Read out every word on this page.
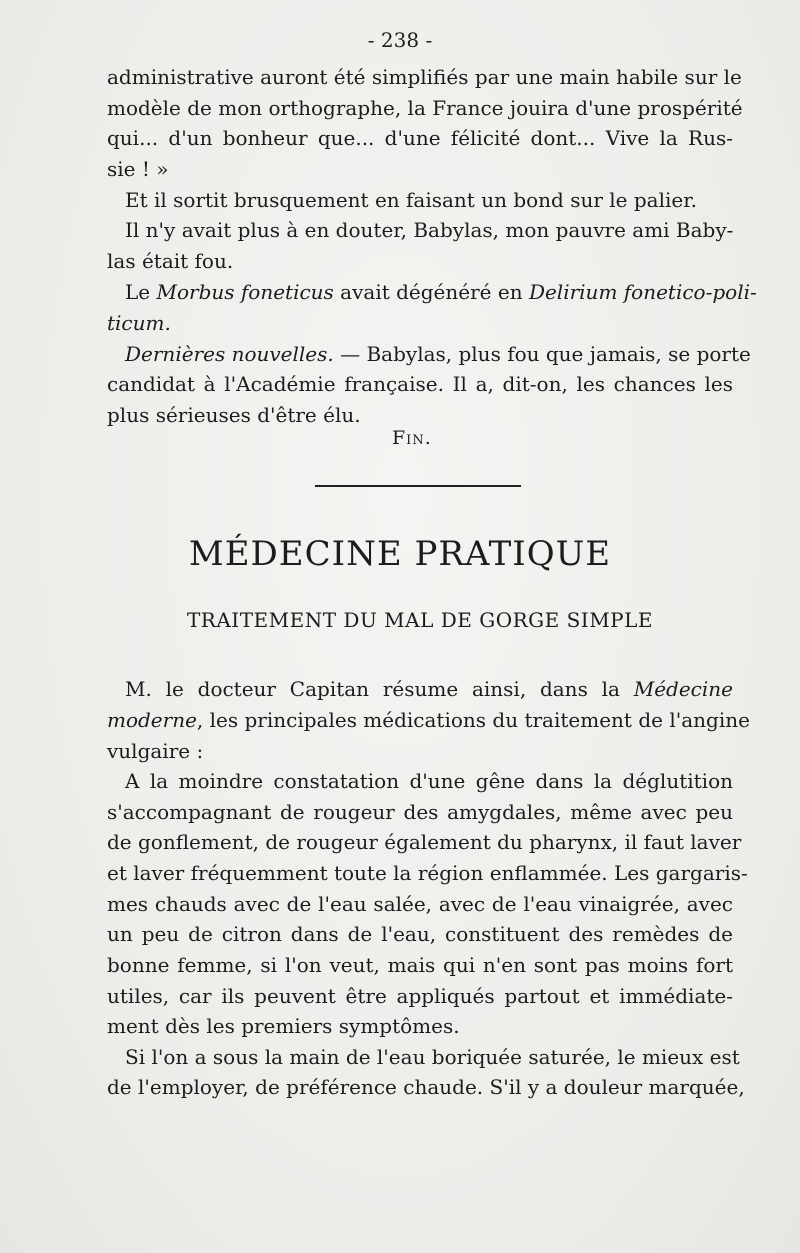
- 238 -
administrative auront été simplifiés par une main habile sur le
modèle de mon orthographe, la France jouira d'une prospérité
qui... d'un bonheur que... d'une félicité dont... Vive la Rus-
sie ! »
Et il sortit brusquement en faisant un bond sur le palier.
Il n'y avait plus à en douter, Babylas, mon pauvre ami Baby-
las était fou.
Le Morbus foneticus avait dégénéré en Delirium fonetico-poli-
ticum.
Dernières nouvelles. — Babylas, plus fou que jamais, se porte
candidat à l'Académie française. Il a, dit-on, les chances les
plus sérieuses d'être élu.
Fin.
MÉDECINE PRATIQUE
TRAITEMENT DU MAL DE GORGE SIMPLE
M. le docteur Capitan résume ainsi, dans la Médecine
moderne, les principales médications du traitement de l'angine
vulgaire :
A la moindre constatation d'une gêne dans la déglutition
s'accompagnant de rougeur des amygdales, même avec peu
de gonflement, de rougeur également du pharynx, il faut laver
et laver fréquemment toute la région enflammée. Les gargaris-
mes chauds avec de l'eau salée, avec de l'eau vinaigrée, avec
un peu de citron dans de l'eau, constituent des remèdes de
bonne femme, si l'on veut, mais qui n'en sont pas moins fort
utiles, car ils peuvent être appliqués partout et immédiate-
ment dès les premiers symptômes.
Si l'on a sous la main de l'eau boriquée saturée, le mieux est
de l'employer, de préférence chaude. S'il y a douleur marquée,
